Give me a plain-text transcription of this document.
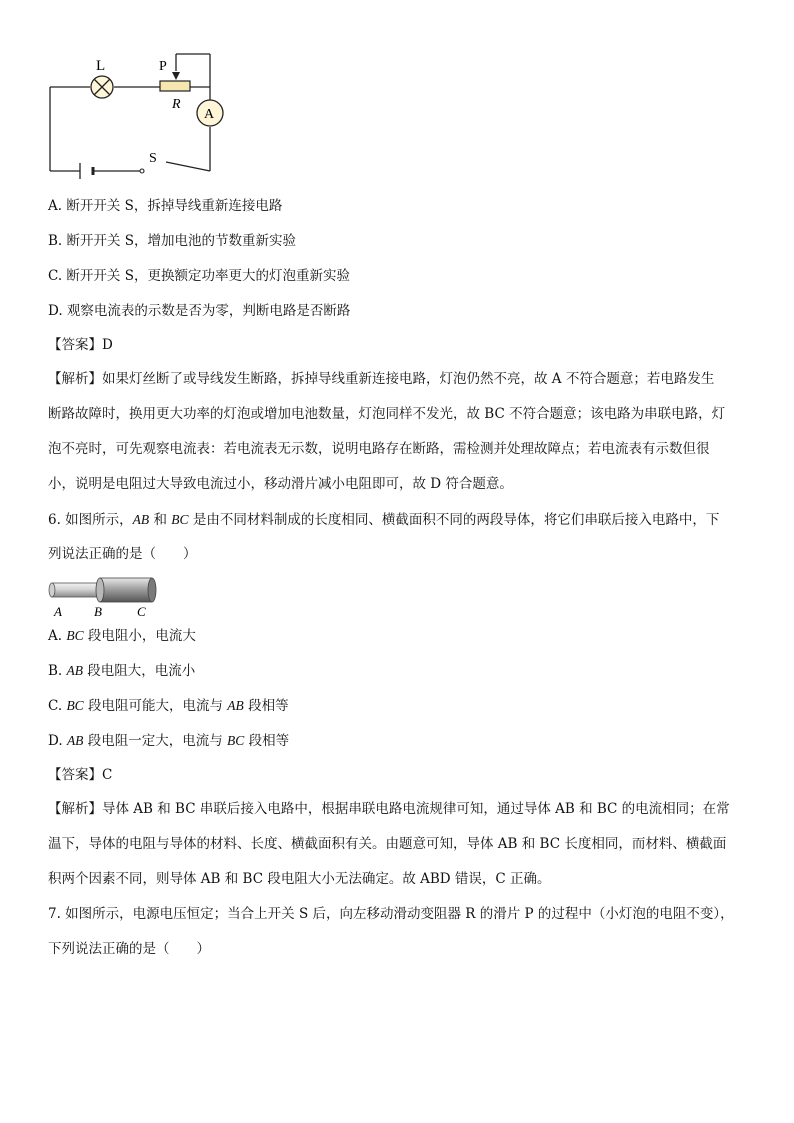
L	P
R
A
S
A. 断开开关 S，拆掉导线重新连接电路
B. 断开开关 S，增加电池的节数重新实验
C. 断开开关 S，更换额定功率更大的灯泡重新实验
D. 观察电流表的示数是否为零，判断电路是否断路
【答案】D
【解析】如果灯丝断了或导线发生断路，拆掉导线重新连接电路，灯泡仍然不亮，故 A 不符合题意；若电路发生
断路故障时，换用更大功率的灯泡或增加电池数量，灯泡同样不发光，故 BC 不符合题意；该电路为串联电路，灯
泡不亮时，可先观察电流表：若电流表无示数，说明电路存在断路，需检测并处理故障点；若电流表有示数但很
小，说明是电阻过大导致电流过小，移动滑片减小电阻即可，故 D 符合题意。
6. 如图所示，AB 和 BC 是由不同材料制成的长度相同、横截面积不同的两段导体，将它们串联后接入电路中，下
列说法正确的是（　　）
A B	C
A. BC 段电阻小，电流大
B. AB 段电阻大，电流小
C. BC 段电阻可能大，电流与 AB 段相等
D. AB 段电阻一定大，电流与 BC 段相等
【答案】C
【解析】导体 AB 和 BC 串联后接入电路中，根据串联电路电流规律可知，通过导体 AB 和 BC 的电流相同；在常
温下，导体的电阻与导体的材料、长度、横截面积有关。由题意可知，导体 AB 和 BC 长度相同，而材料、横截面
积两个因素不同，则导体 AB 和 BC 段电阻大小无法确定。故 ABD 错误，C 正确。
7. 如图所示，电源电压恒定；当合上开关 S 后，向左移动滑动变阻器 R 的滑片 P 的过程中（小灯泡的电阻不变），
下列说法正确的是（　　）
